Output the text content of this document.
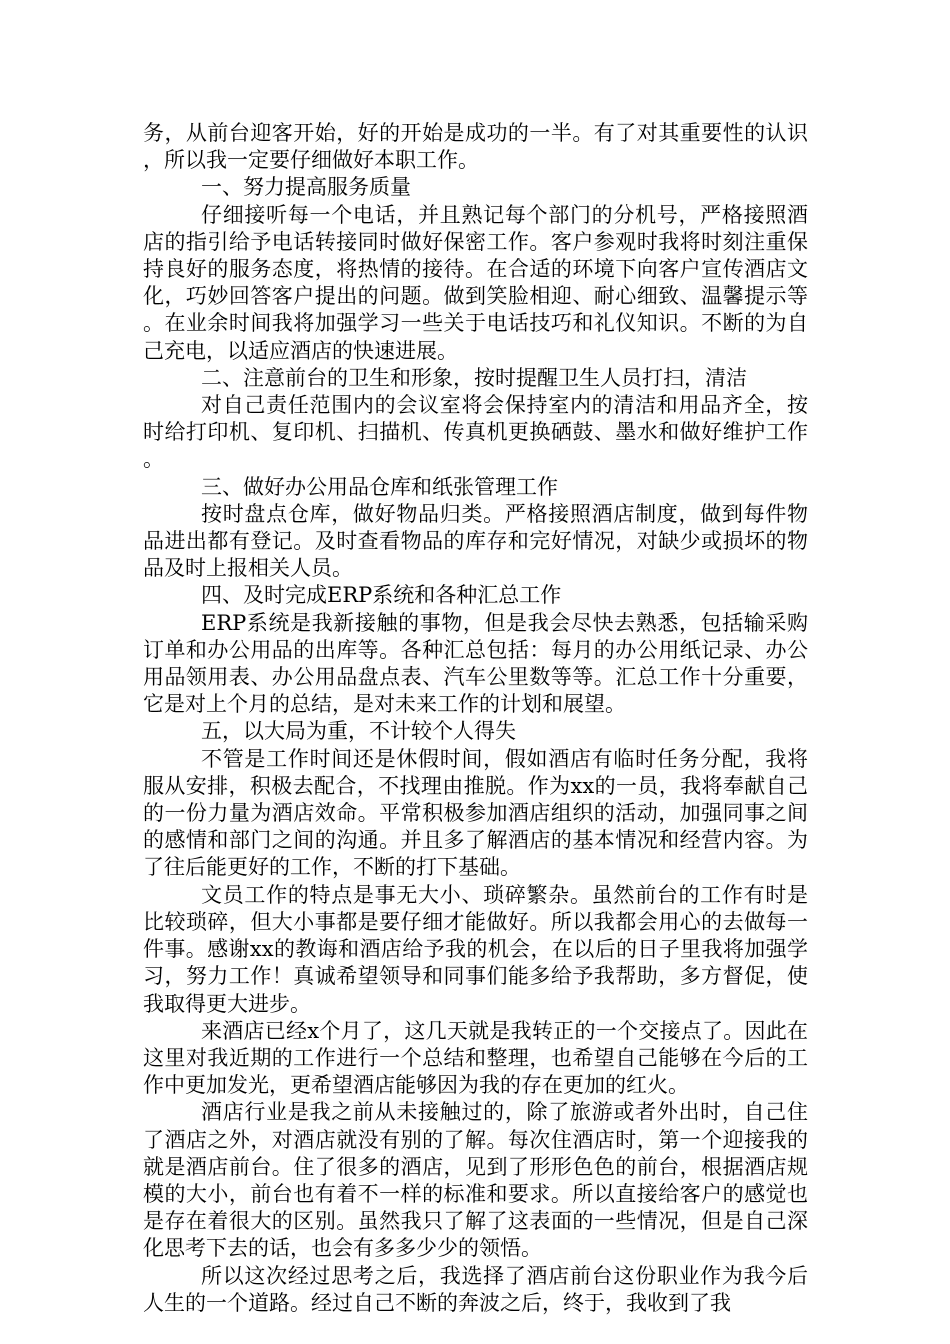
务，从前台迎客开始，好的开始是成功的一半。有了对其重要性的认识，所以我一定要仔细做好本职工作。

一、努力提高服务质量

仔细接听每一个电话，并且熟记每个部门的分机号，严格接照酒店的指引给予电话转接同时做好保密工作。客户参观时我将时刻注重保持良好的服务态度，将热情的接待。在合适的环境下向客户宣传酒店文化，巧妙回答客户提出的问题。做到笑脸相迎、耐心细致、温馨提示等。在业余时间我将加强学习一些关于电话技巧和礼仪知识。不断的为自己充电，以适应酒店的快速进展。

二、注意前台的卫生和形象，按时提醒卫生人员打扫，清洁

对自己责任范围内的会议室将会保持室内的清洁和用品齐全，按时给打印机、复印机、扫描机、传真机更换硒鼓、墨水和做好维护工作。

三、做好办公用品仓库和纸张管理工作

按时盘点仓库，做好物品归类。严格接照酒店制度，做到每件物品进出都有登记。及时查看物品的库存和完好情况，对缺少或损坏的物品及时上报相关人员。

四、及时完成ERP系统和各种汇总工作

ERP系统是我新接触的事物，但是我会尽快去熟悉，包括输采购订单和办公用品的出库等。各种汇总包括：每月的办公用纸记录、办公用品领用表、办公用品盘点表、汽车公里数等等。汇总工作十分重要，它是对上个月的总结，是对未来工作的计划和展望。

五，以大局为重，不计较个人得失

不管是工作时间还是休假时间，假如酒店有临时任务分配，我将服从安排，积极去配合，不找理由推脱。作为xx的一员，我将奉献自己的一份力量为酒店效命。平常积极参加酒店组织的活动，加强同事之间的感情和部门之间的沟通。并且多了解酒店的基本情况和经营内容。为了往后能更好的工作，不断的打下基础。

文员工作的特点是事无大小、琐碎繁杂。虽然前台的工作有时是比较琐碎，但大小事都是要仔细才能做好。所以我都会用心的去做每一件事。感谢xx的教诲和酒店给予我的机会，在以后的日子里我将加强学习，努力工作！真诚希望领导和同事们能多给予我帮助，多方督促，使我取得更大进步。

来酒店已经x个月了，这几天就是我转正的一个交接点了。因此在这里对我近期的工作进行一个总结和整理，也希望自己能够在今后的工作中更加发光，更希望酒店能够因为我的存在更加的红火。

酒店行业是我之前从未接触过的，除了旅游或者外出时，自己住了酒店之外，对酒店就没有别的了解。每次住酒店时，第一个迎接我的就是酒店前台。住了很多的酒店，见到了形形色色的前台，根据酒店规模的大小，前台也有着不一样的标准和要求。所以直接给客户的感觉也是存在着很大的区别。虽然我只了解了这表面的一些情况，但是自己深化思考下去的话，也会有多多少少的领悟。

所以这次经过思考之后，我选择了酒店前台这份职业作为我今后人生的一个道路。经过自己不断的奔波之后，终于，我收到了我
